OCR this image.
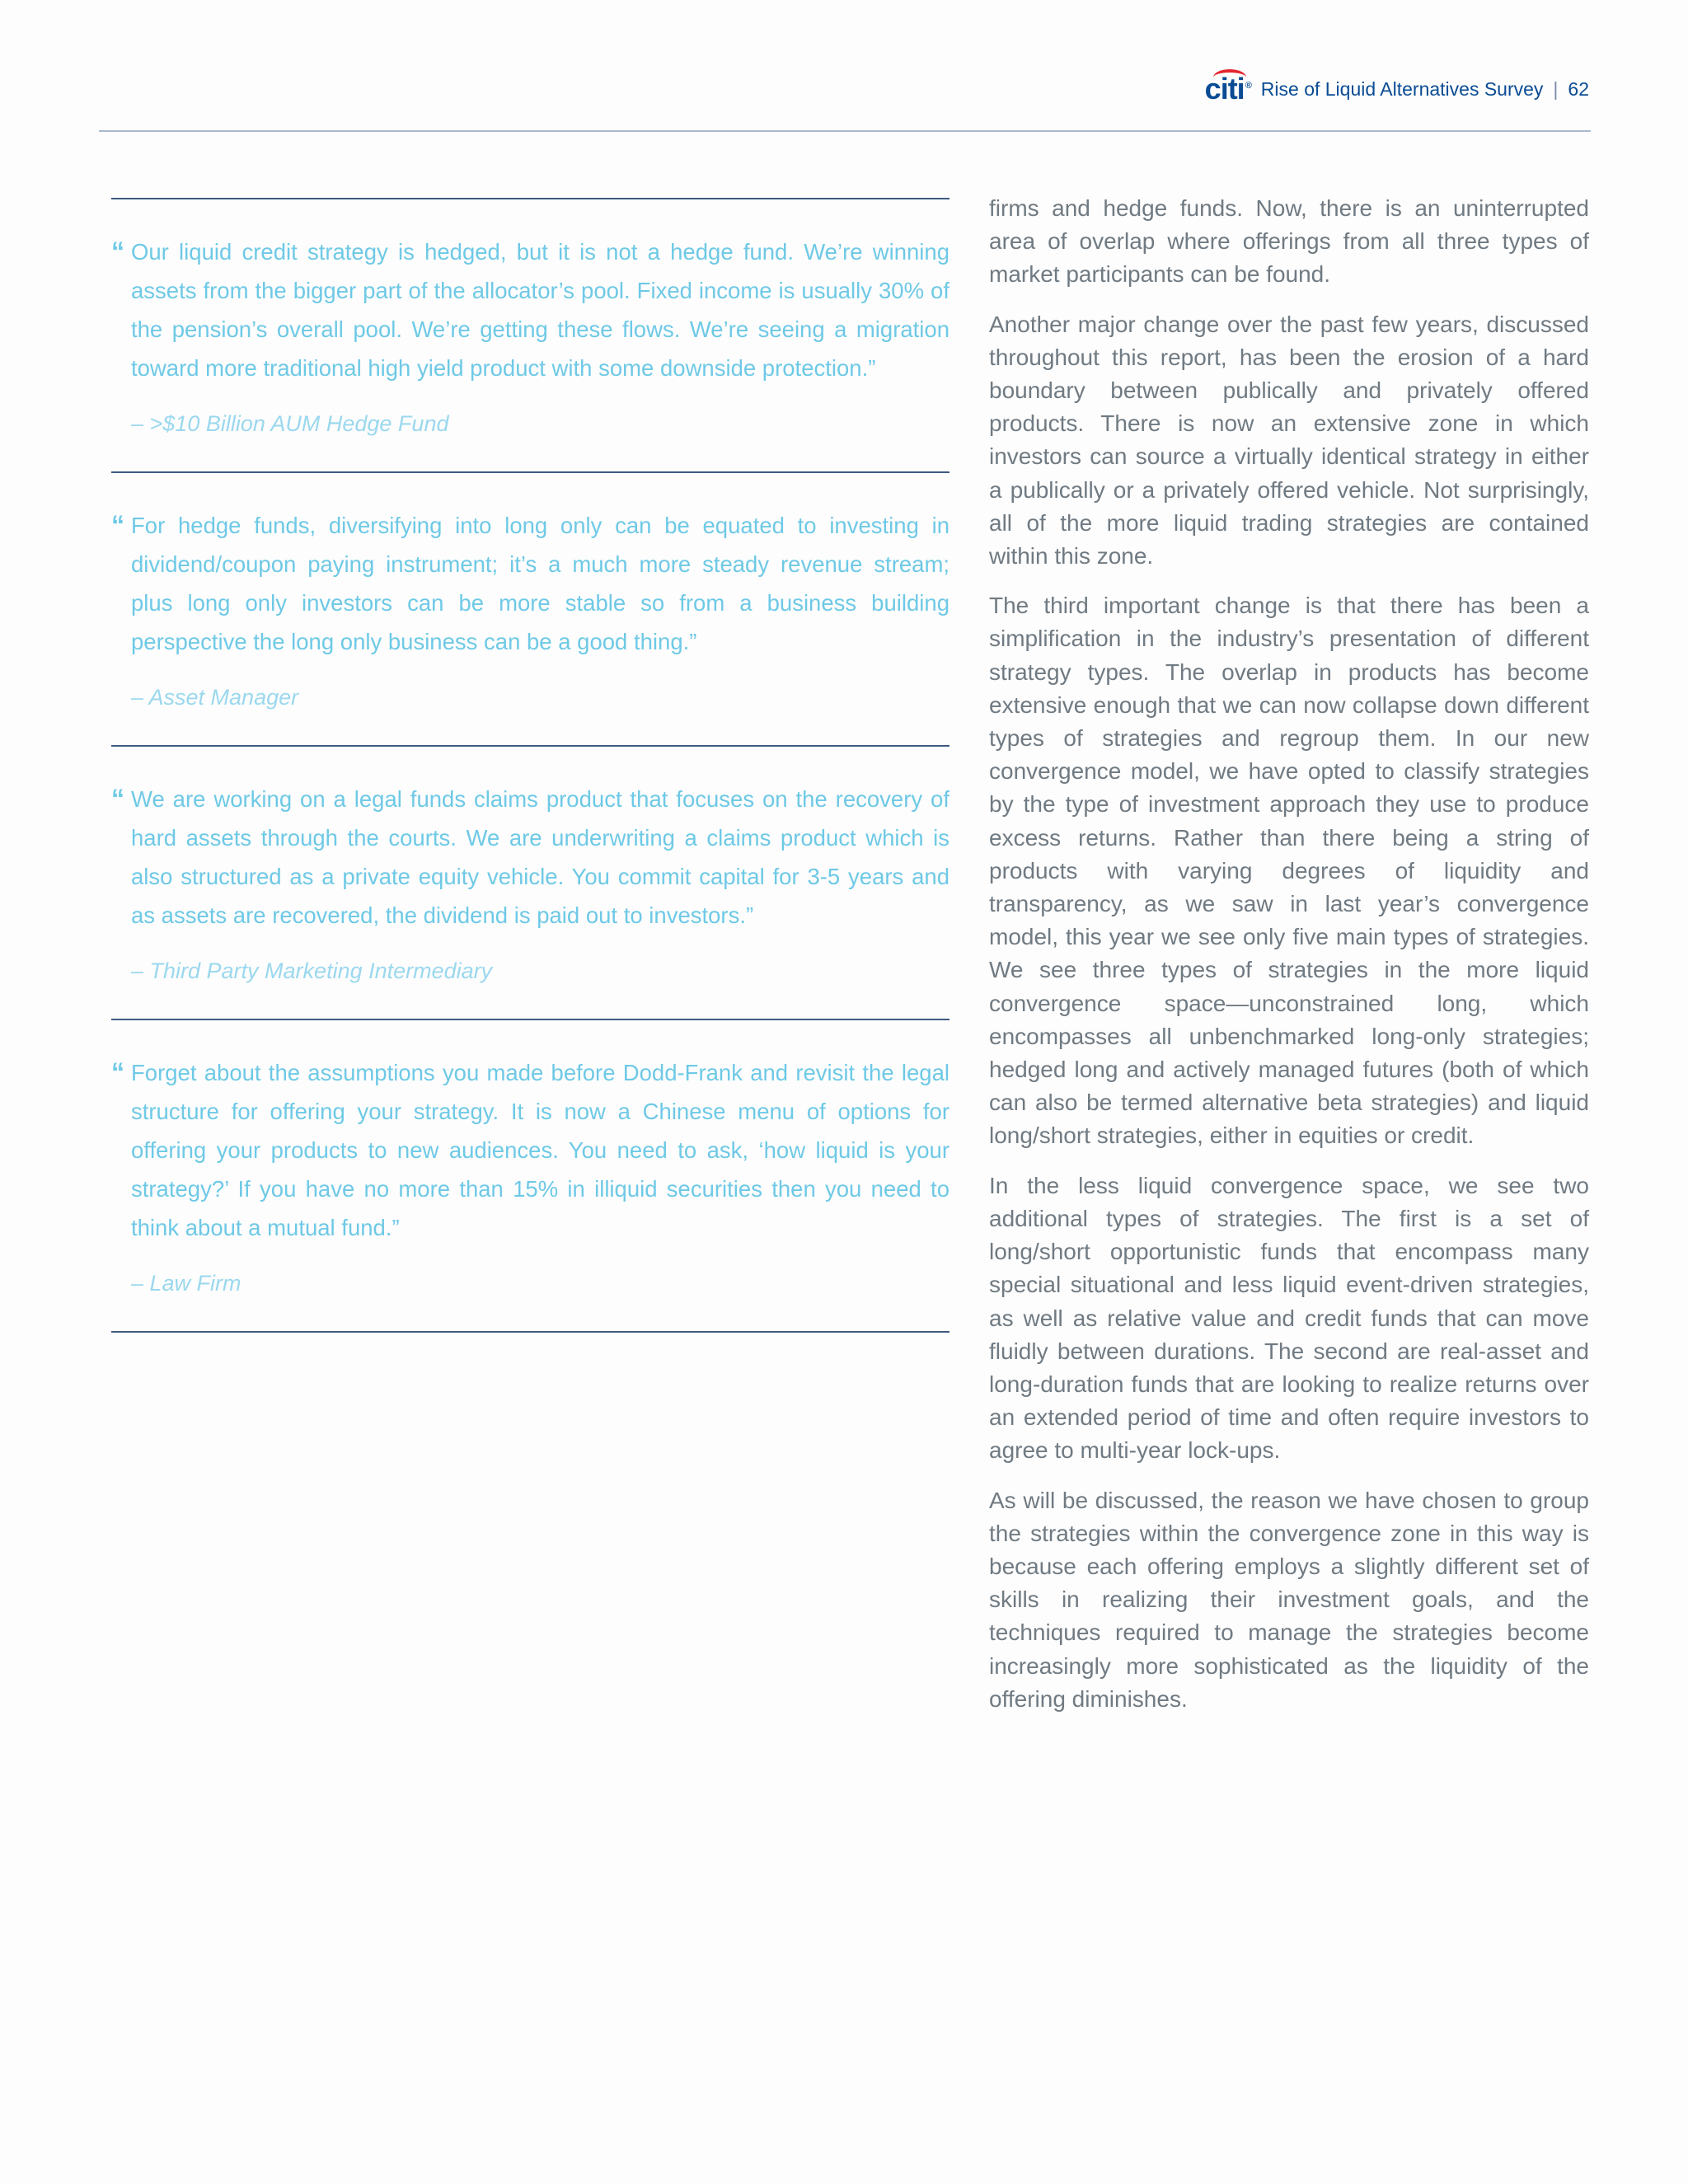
citi® Rise of Liquid Alternatives Survey | 62
“ Our liquid credit strategy is hedged, but it is not a hedge fund. We’re winning assets from the bigger part of the allocator’s pool. Fixed income is usually 30% of the pension’s overall pool. We’re getting these flows. We’re seeing a migration toward more traditional high yield product with some downside protection.”

– >$10 Billion AUM Hedge Fund
“ For hedge funds, diversifying into long only can be equated to investing in dividend/coupon paying instrument; it’s a much more steady revenue stream; plus long only investors can be more stable so from a business building perspective the long only business can be a good thing.”

– Asset Manager
“ We are working on a legal funds claims product that focuses on the recovery of hard assets through the courts. We are underwriting a claims product which is also structured as a private equity vehicle. You commit capital for 3-5 years and as assets are recovered, the dividend is paid out to investors.”

– Third Party Marketing Intermediary
“ Forget about the assumptions you made before Dodd-Frank and revisit the legal structure for offering your strategy. It is now a Chinese menu of options for offering your products to new audiences. You need to ask, ‘how liquid is your strategy?’ If you have no more than 15% in illiquid securities then you need to think about a mutual fund.”

– Law Firm

firms and hedge funds. Now, there is an uninterrupted area of overlap where offerings from all three types of market participants can be found.

Another major change over the past few years, discussed throughout this report, has been the erosion of a hard boundary between publically and privately offered products. There is now an extensive zone in which investors can source a virtually identical strategy in either a publically or a privately offered vehicle. Not surprisingly, all of the more liquid trading strategies are contained within this zone.

The third important change is that there has been a simplification in the industry’s presentation of different strategy types. The overlap in products has become extensive enough that we can now collapse down different types of strategies and regroup them. In our new convergence model, we have opted to classify strategies by the type of investment approach they use to produce excess returns. Rather than there being a string of products with varying degrees of liquidity and transparency, as we saw in last year’s convergence model, this year we see only five main types of strategies. We see three types of strategies in the more liquid convergence space—unconstrained long, which encompasses all unbenchmarked long-only strategies; hedged long and actively managed futures (both of which can also be termed alternative beta strategies) and liquid long/short strategies, either in equities or credit.

In the less liquid convergence space, we see two additional types of strategies. The first is a set of long/short opportunistic funds that encompass many special situational and less liquid event-driven strategies, as well as relative value and credit funds that can move fluidly between durations. The second are real-asset and long-duration funds that are looking to realize returns over an extended period of time and often require investors to agree to multi-year lock-ups.

As will be discussed, the reason we have chosen to group the strategies within the convergence zone in this way is because each offering employs a slightly different set of skills in realizing their investment goals, and the techniques required to manage the strategies become increasingly more sophisticated as the liquidity of the offering diminishes.
